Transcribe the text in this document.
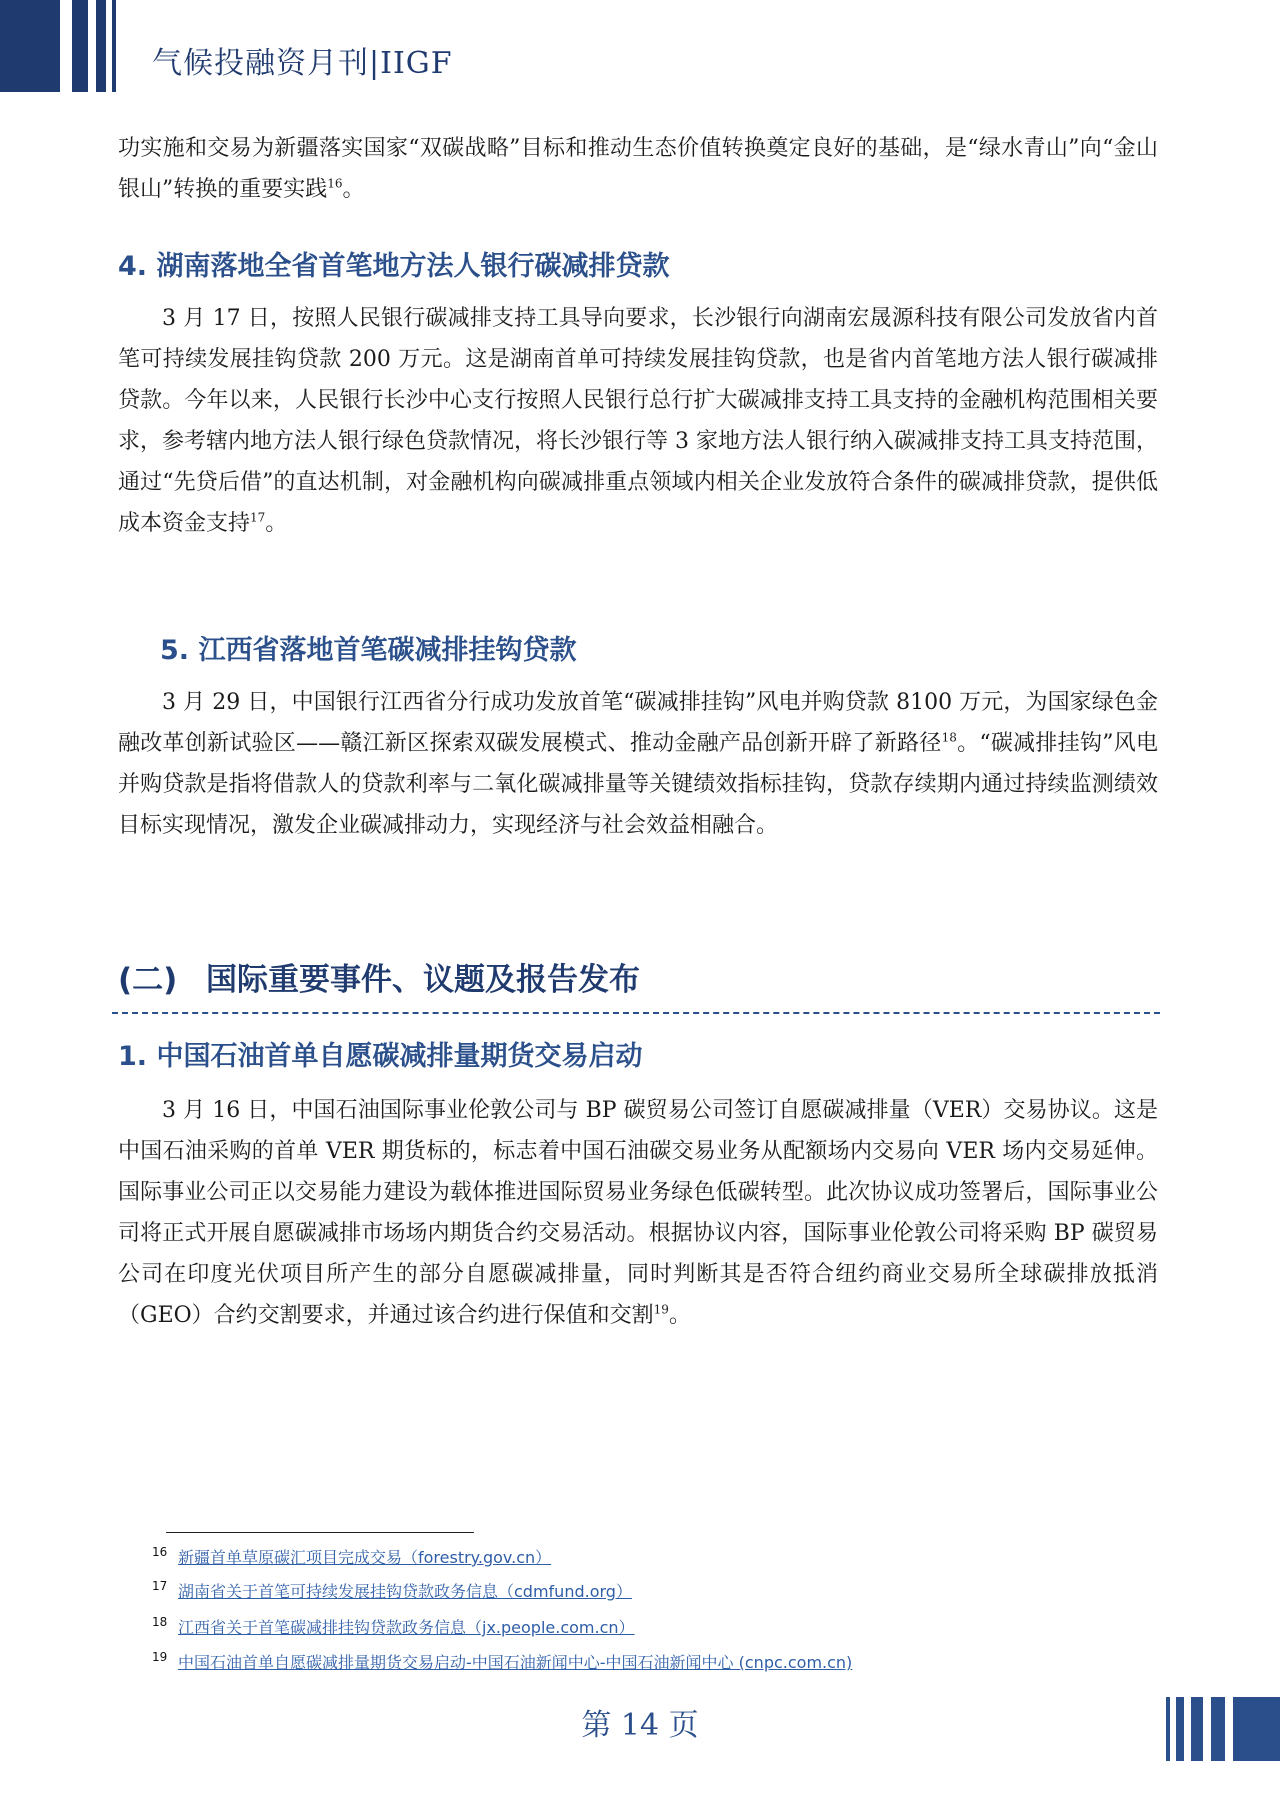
气候投融资月刊|IIGF

功实施和交易为新疆落实国家“双碳战略”目标和推动生态价值转换奠定良好的基础，是“绿水青山”向“金山银山”转换的重要实践$^{16}$。

4. 湖南落地全省首笔地方法人银行碳减排贷款

3 月 17 日，按照人民银行碳减排支持工具导向要求，长沙银行向湖南宏晟源科技有限公司发放省内首笔可持续发展挂钩贷款 200 万元。这是湖南首单可持续发展挂钩贷款，也是省内首笔地方法人银行碳减排贷款。今年以来，人民银行长沙中心支行按照人民银行总行扩大碳减排支持工具支持的金融机构范围相关要求，参考辖内地方法人银行绿色贷款情况，将长沙银行等 3 家地方法人银行纳入碳减排支持工具支持范围，通过“先贷后借”的直达机制，对金融机构向碳减排重点领域内相关企业发放符合条件的碳减排贷款，提供低成本资金支持$^{17}$。

5. 江西省落地首笔碳减排挂钩贷款

3 月 29 日，中国银行江西省分行成功发放首笔“碳减排挂钩”风电并购贷款 8100 万元，为国家绿色金融改革创新试验区——赣江新区探索双碳发展模式、推动金融产品创新开辟了新路径$^{18}$。“碳减排挂钩”风电并购贷款是指将借款人的贷款利率与二氧化碳减排量等关键绩效指标挂钩，贷款存续期内通过持续监测绩效目标实现情况，激发企业碳减排动力，实现经济与社会效益相融合。

(二) 国际重要事件、议题及报告发布
1. 中国石油首单自愿碳减排量期货交易启动

3 月 16 日，中国石油国际事业伦敦公司与 BP 碳贸易公司签订自愿碳减排量（VER）交易协议。这是中国石油采购的首单 VER 期货标的，标志着中国石油碳交易业务从配额场内交易向 VER 场内交易延伸。国际事业公司正以交易能力建设为载体推进国际贸易业务绿色低碳转型。此次协议成功签署后，国际事业公司将正式开展自愿碳减排市场场内期货合约交易活动。根据协议内容，国际事业伦敦公司将采购 BP 碳贸易公司在印度光伏项目所产生的部分自愿碳减排量，同时判断其是否符合纽约商业交易所全球碳排放抵消（GEO）合约交割要求，并通过该合约进行保值和交割$^{19}$。

16 新疆首单草原碳汇项目完成交易（forestry.gov.cn）
17 湖南省关于首笔可持续发展挂钩贷款政务信息（cdmfund.org）
18 江西省关于首笔碳减排挂钩贷款政务信息（jx.people.com.cn）
19 中国石油首单自愿碳减排量期货交易启动-中国石油新闻中心-中国石油新闻中心 (cnpc.com.cn)
第 14 页
